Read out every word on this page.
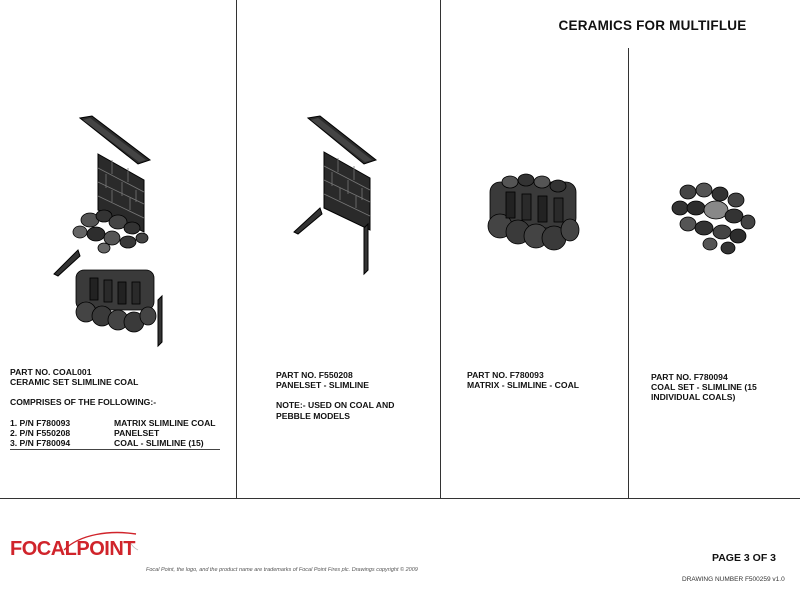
CERAMICS FOR MULTIFLUE
PART NO. COAL001
CERAMIC SET SLIMLINE COAL
COMPRISES OF THE FOLLOWING:-
1. P/N F780093	MATRIX SLIMLINE COAL
2. P/N F550208	PANELSET
3. P/N F780094	COAL - SLIMLINE (15)
PART NO. F550208
PANELSET - SLIMLINE
NOTE:- USED ON COAL AND
PEBBLE MODELS
PART NO. F780093
MATRIX - SLIMLINE - COAL
PART NO. F780094
COAL SET - SLIMLINE (15
INDIVIDUAL COALS)
FOCALPOINT
Focal Point, the logo, and the product name are trademarks of Focal Point Fires plc. Drawings copyright © 2009
PAGE 3 OF 3
DRAWING NUMBER F500259 v1.0
